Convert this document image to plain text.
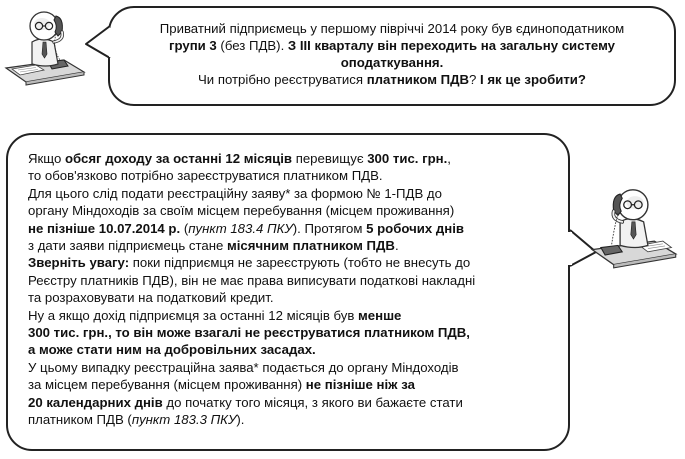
Приватний підприємець у першому півріччі 2014 року був єдиноподатником
групи 3 (без ПДВ). З ІІІ кварталу він переходить на загальну систему
оподаткування.
Чи потрібно реєструватися платником ПДВ? І як це зробити?
Якщо обсяг доходу за останні 12 місяців перевищує 300 тис. грн.,
то обов'язково потрібно зареєструватися платником ПДВ.
Для цього слід подати реєстраційну заяву* за формою № 1-ПДВ до
органу Міндоходів за своїм місцем перебування (місцем проживання)
не пізніше 10.07.2014 р. (пункт 183.4 ПКУ). Протягом 5 робочих днів
з дати заяви підприємець стане місячним платником ПДВ.
Зверніть увагу: поки підприємця не зареєструють (тобто не внесуть до
Реєстру платників ПДВ), він не має права виписувати податкові накладні
та розраховувати на податковий кредит.
Ну а якщо дохід підприємця за останні 12 місяців був менше
300 тис. грн., то він може взагалі не реєструватися платником ПДВ,
а може стати ним на добровільних засадах.
У цьому випадку реєстраційна заява* подається до органу Міндоходів
за місцем перебування (місцем проживання) не пізніше ніж за
20 календарних днів до початку того місяця, з якого ви бажаєте стати
платником ПДВ (пункт 183.3 ПКУ).
